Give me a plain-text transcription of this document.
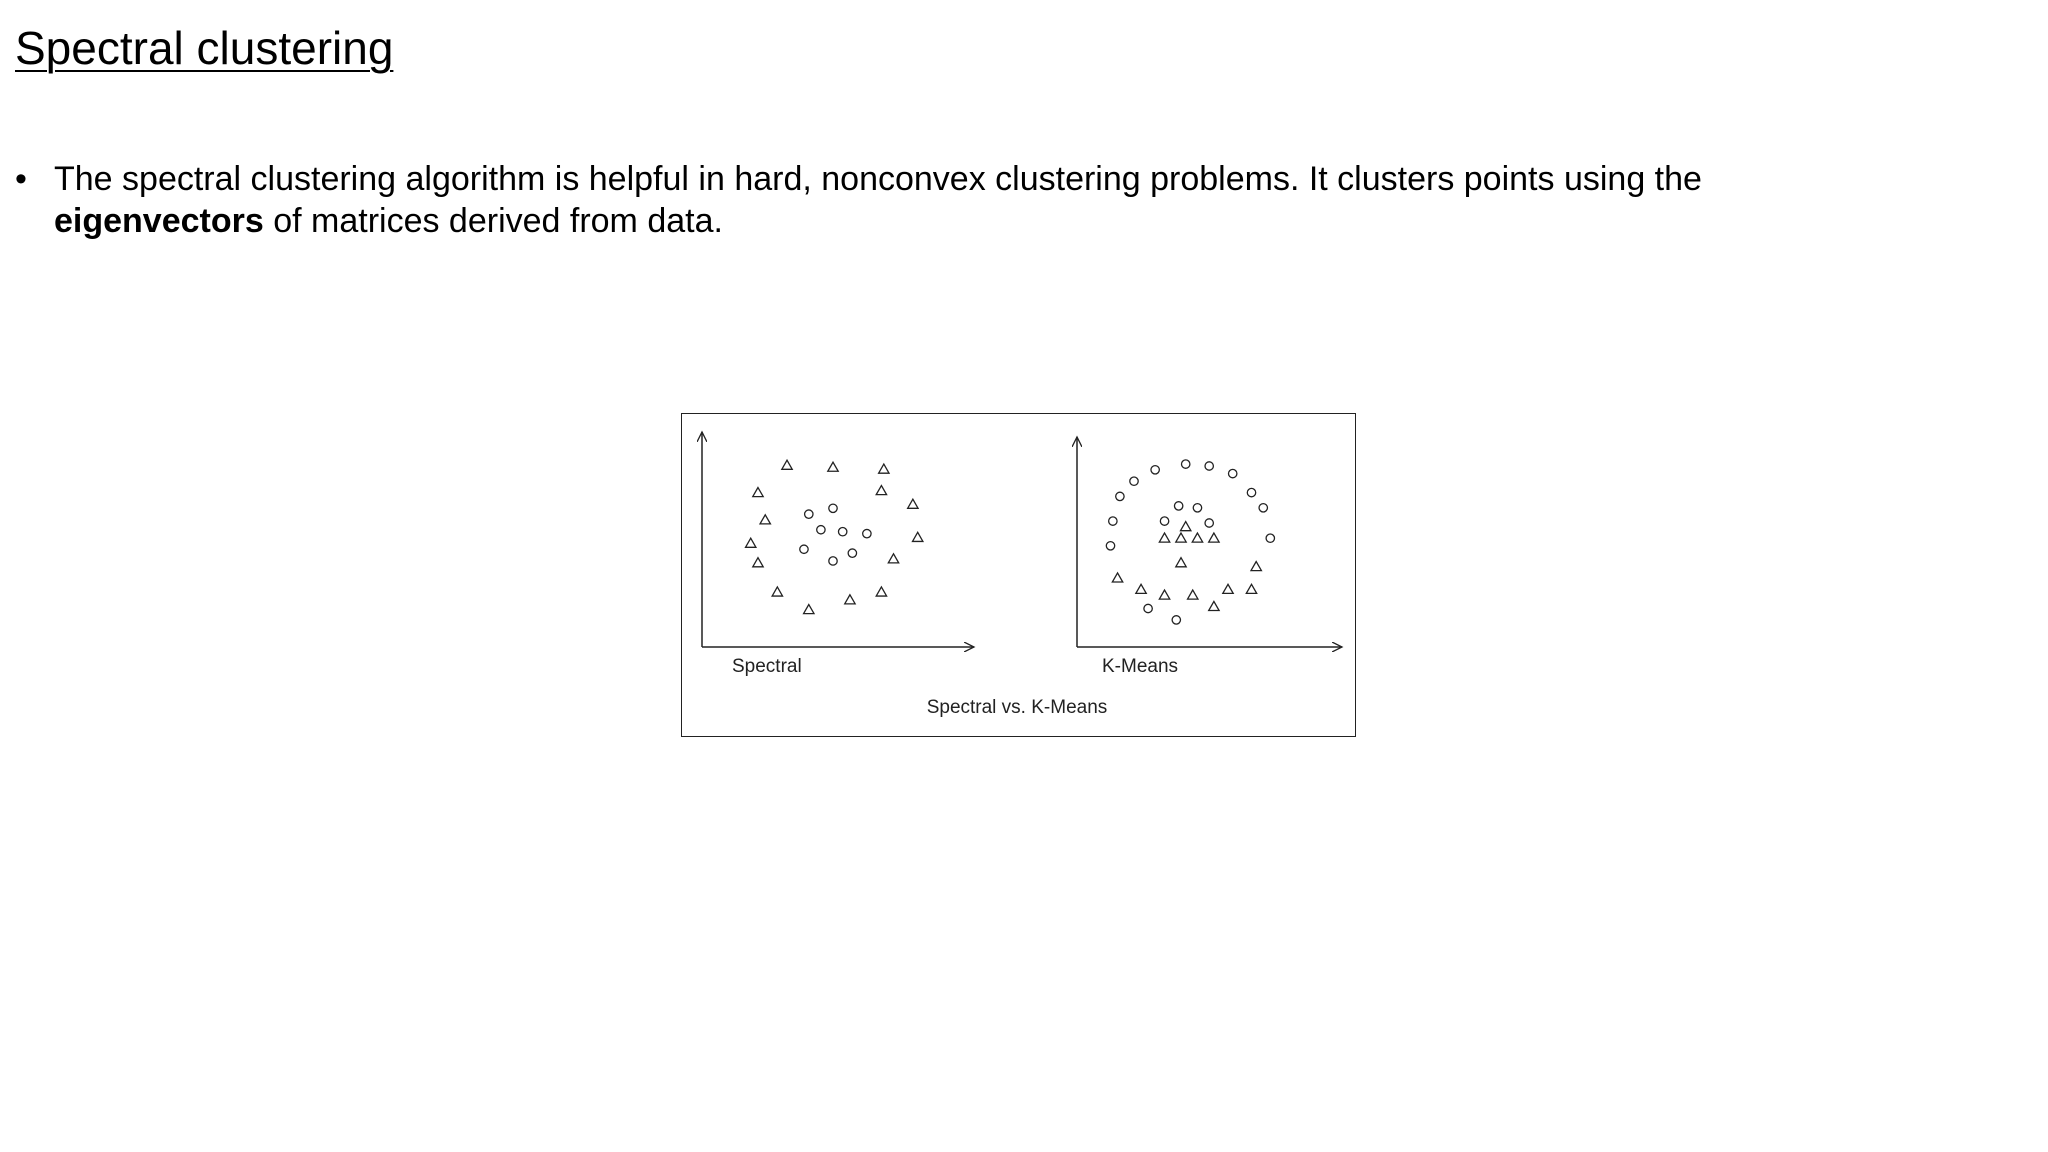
Spectral clustering
• The spectral clustering algorithm is helpful in hard, nonconvex clustering problems. It clusters points using the eigenvectors of matrices derived from data.
Spectral	K-Means
Spectral vs. K-Means
